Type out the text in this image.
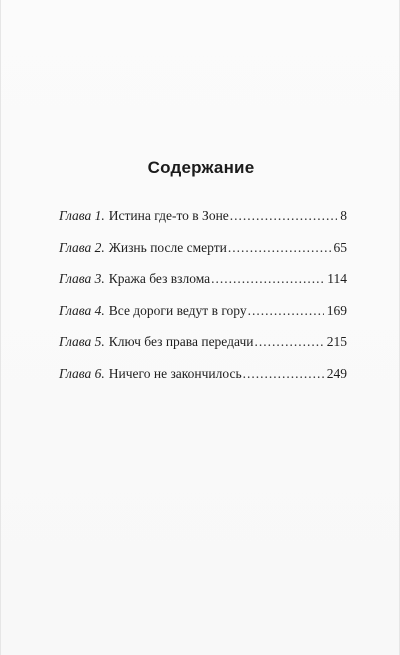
Содержание
Глава 1. Истина где-то в Зоне .....	8
Глава 2. Жизнь после смерти .....	65
Глава 3. Кража без взлома .....	114
Глава 4. Все дороги ведут в гору .....	169
Глава 5. Ключ без права передачи .....	215
Глава 6. Ничего не закончилось .....	249
